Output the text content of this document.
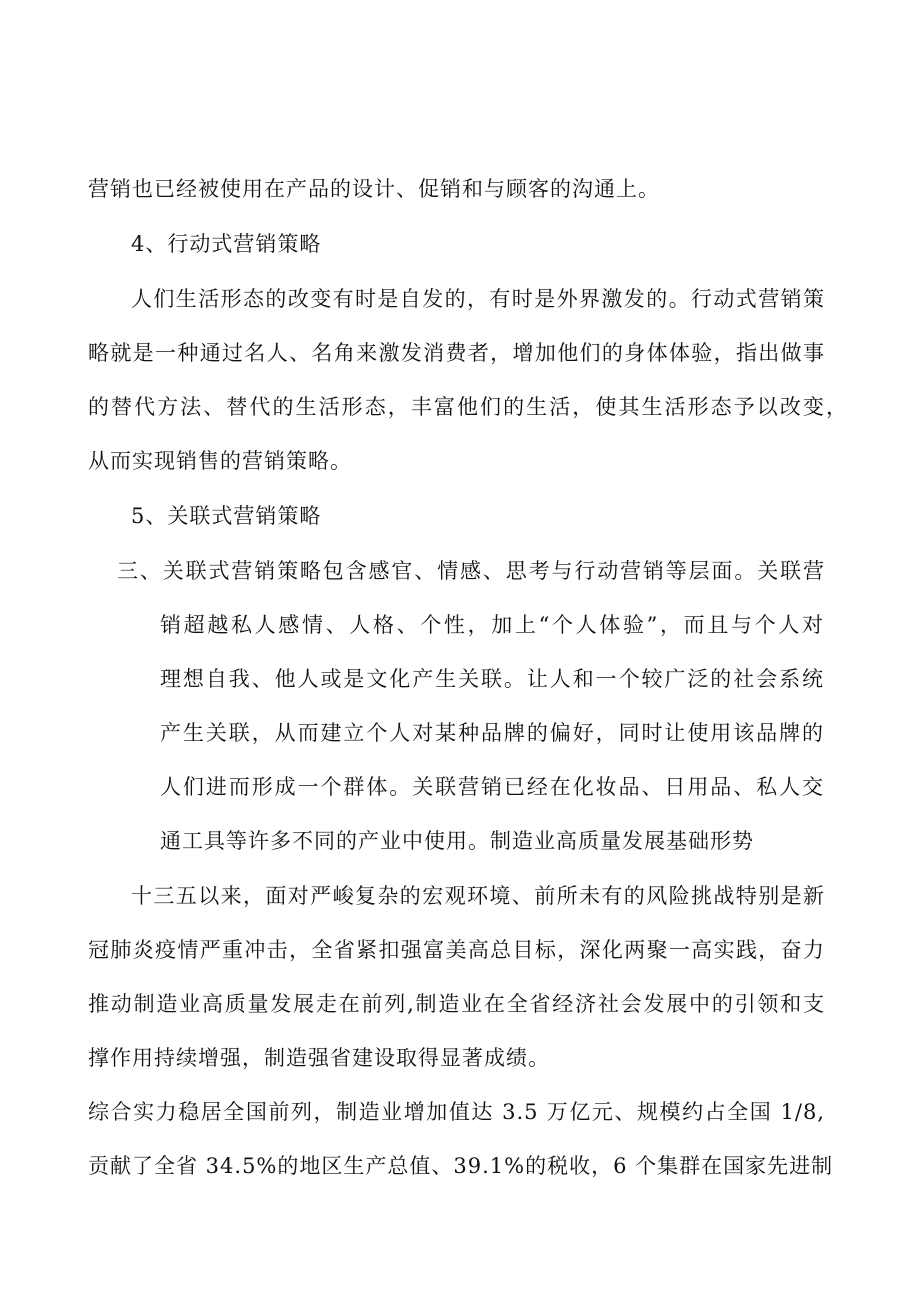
营销也已经被使用在产品的设计、促销和与顾客的沟通上。
4、行动式营销策略
人们生活形态的改变有时是自发的，有时是外界激发的。行动式营销策
略就是一种通过名人、名角来激发消费者，增加他们的身体体验，指出做事
的替代方法、替代的生活形态，丰富他们的生活，使其生活形态予以改变，
从而实现销售的营销策略。
5、关联式营销策略
三、关联式营销策略包含感官、情感、思考与行动营销等层面。关联营
销超越私人感情、人格、个性，加上“个人体验”，而且与个人对
理想自我、他人或是文化产生关联。让人和一个较广泛的社会系统
产生关联，从而建立个人对某种品牌的偏好，同时让使用该品牌的
人们进而形成一个群体。关联营销已经在化妆品、日用品、私人交
通工具等许多不同的产业中使用。制造业高质量发展基础形势
十三五以来，面对严峻复杂的宏观环境、前所未有的风险挑战特别是新
冠肺炎疫情严重冲击，全省紧扣强富美高总目标，深化两聚一高实践，奋力
推动制造业高质量发展走在前列,制造业在全省经济社会发展中的引领和支
撑作用持续增强，制造强省建设取得显著成绩。
综合实力稳居全国前列，制造业增加值达 3.5 万亿元、规模约占全国 1/8,
贡献了全省 34.5%的地区生产总值、39.1%的税收，6 个集群在国家先进制
